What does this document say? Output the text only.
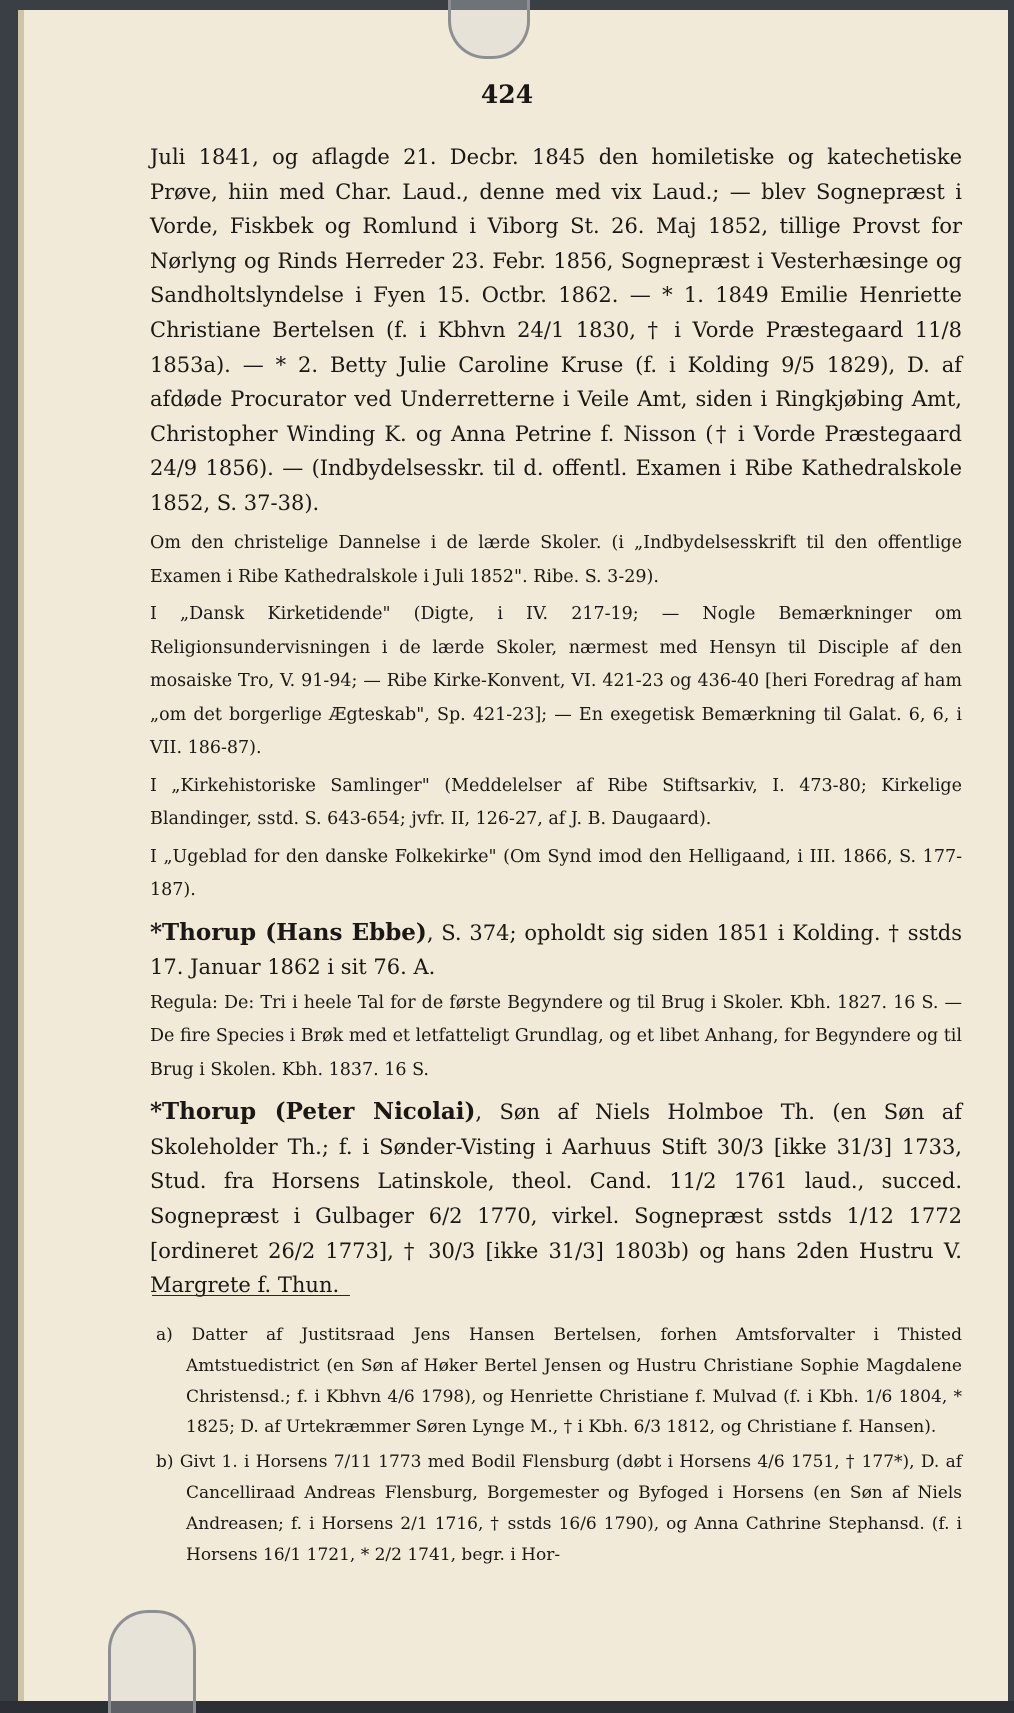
424

Juli 1841, og aflagde 21. Decbr. 1845 den homiletiske og katechetiske Prøve, hiin med Char. Laud., denne med vix Laud.; — blev Sognepræst i Vorde, Fiskbek og Romlund i Viborg St. 26. Maj 1852, tillige Provst for Nørlyng og Rinds Herreder 23. Febr. 1856, Sognepræst i Vesterhæsinge og Sandholtslyndelse i Fyen 15. Octbr. 1862. — * 1. 1849 Emilie Henriette Christiane Bertelsen (f. i Kbhvn 24/1 1830, † i Vorde Præstegaard 11/8 1853a). — * 2. Betty Julie Caroline Kruse (f. i Kolding 9/5 1829), D. af afdøde Procurator ved Underretterne i Veile Amt, siden i Ringkjøbing Amt, Christopher Winding K. og Anna Petrine f. Nisson († i Vorde Præstegaard 24/9 1856). — (Indbydelsesskr. til d. offentl. Examen i Ribe Kathedralskole 1852, S. 37-38).

Om den christelige Dannelse i de lærde Skoler. (i „Indbydelsesskrift til den offentlige Examen i Ribe Kathedralskole i Juli 1852". Ribe. S. 3-29).

I „Dansk Kirketidende" (Digte, i IV. 217-19; — Nogle Bemærkninger om Religionsundervisningen i de lærde Skoler, nærmest med Hensyn til Disciple af den mosaiske Tro, V. 91-94; — Ribe Kirke-Konvent, VI. 421-23 og 436-40 [heri Foredrag af ham „om det borgerlige Ægteskab", Sp. 421-23]; — En exegetisk Bemærkning til Galat. 6, 6, i VII. 186-87).

I „Kirkehistoriske Samlinger" (Meddelelser af Ribe Stiftsarkiv, I. 473-80; Kirkelige Blandinger, sstd. S. 643-654; jvfr. II, 126-27, af J. B. Daugaard).

I „Ugeblad for den danske Folkekirke" (Om Synd imod den Helligaand, i III. 1866, S. 177-187).

*Thorup (Hans Ebbe), S. 374; opholdt sig siden 1851 i Kolding. † sstds 17. Januar 1862 i sit 76. A.

Regula: De: Tri i heele Tal for de første Begyndere og til Brug i Skoler. Kbh. 1827. 16 S. — De fire Species i Brøk med et letfatteligt Grundlag, og et libet Anhang, for Begyndere og til Brug i Skolen. Kbh. 1837. 16 S.

*Thorup (Peter Nicolai), Søn af Niels Holmboe Th. (en Søn af Skoleholder Th.; f. i Sønder-Visting i Aarhuus Stift 30/3 [ikke 31/3] 1733, Stud. fra Horsens Latinskole, theol. Cand. 11/2 1761 laud., succed. Sognepræst i Gulbager 6/2 1770, virkel. Sognepræst sstds 1/12 1772 [ordineret 26/2 1773], † 30/3 [ikke 31/3] 1803b) og hans 2den Hustru V. Margrete f. Thun.

a) Datter af Justitsraad Jens Hansen Bertelsen, forhen Amtsforvalter i Thisted Amtstuedistrict (en Søn af Høker Bertel Jensen og Hustru Christiane Sophie Magdalene Christensd.; f. i Kbhvn 4/6 1798), og Henriette Christiane f. Mulvad (f. i Kbh. 1/6 1804, * 1825; D. af Urtekræmmer Søren Lynge M., † i Kbh. 6/3 1812, og Christiane f. Hansen).

b) Givt 1. i Horsens 7/11 1773 med Bodil Flensburg (døbt i Horsens 4/6 1751, † 177*), D. af Cancelliraad Andreas Flensburg, Borgemester og Byfoged i Horsens (en Søn af Niels Andreasen; f. i Horsens 2/1 1716, † sstds 16/6 1790), og Anna Cathrine Stephansd. (f. i Horsens 16/1 1721, * 2/2 1741, begr. i Hor-
